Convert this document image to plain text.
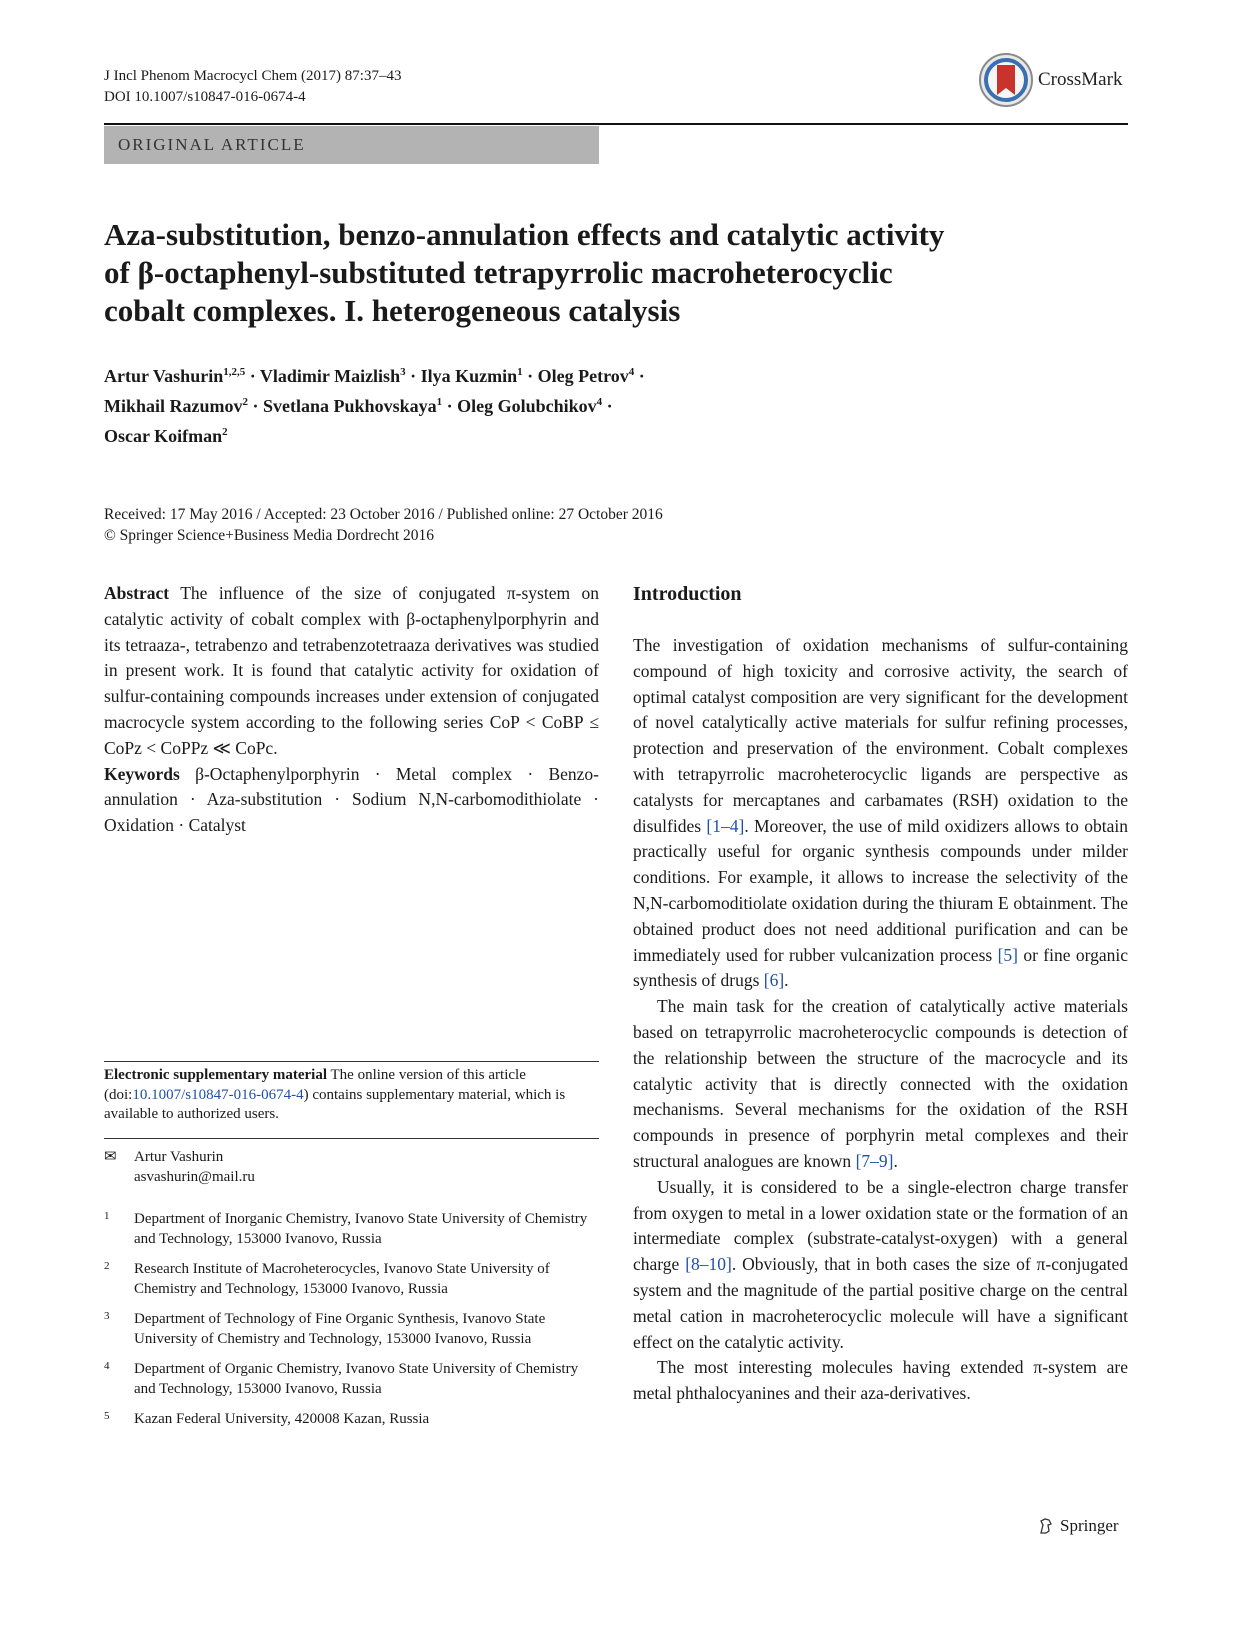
J Incl Phenom Macrocycl Chem (2017) 87:37–43
DOI 10.1007/s10847-016-0674-4
CrossMark
ORIGINAL ARTICLE
Aza-substitution, benzo-annulation effects and catalytic activity
of β-octaphenyl-substituted tetrapyrrolic macroheterocyclic
cobalt complexes. I. heterogeneous catalysis
Artur Vashurin$^{1,2,5}$ · Vladimir Maizlish$^3$ · Ilya Kuzmin$^1$ · Oleg Petrov$^4$ ·
Mikhail Razumov$^2$ · Svetlana Pukhovskaya$^1$ · Oleg Golubchikov$^4$ ·
Oscar Koifman$^2$
Received: 17 May 2016 / Accepted: 23 October 2016 / Published online: 27 October 2016
© Springer Science+Business Media Dordrecht 2016

Abstract The influence of the size of conjugated π-system on catalytic activity of cobalt complex with β-octaphenylporphyrin and its tetraaza-, tetrabenzo and tetrabenzotetraaza derivatives was studied in present work. It is found that catalytic activity for oxidation of sulfur-containing compounds increases under extension of conjugated macrocycle system according to the following series CoP < CoBP ≤ CoPz < CoPPz ≪ CoPc.

Keywords β-Octaphenylporphyrin · Metal complex · Benzo-annulation · Aza-substitution · Sodium N,N-carbomodithiolate · Oxidation · Catalyst

Electronic supplementary material The online version of this article (doi:10.1007/s10847-016-0674-4) contains supplementary material, which is available to authorized users.
✉ Artur Vashurin
asvashurin@mail.ru
1 Department of Inorganic Chemistry, Ivanovo State University of Chemistry and Technology, 153000 Ivanovo, Russia
2 Research Institute of Macroheterocycles, Ivanovo State University of Chemistry and Technology, 153000 Ivanovo, Russia
3 Department of Technology of Fine Organic Synthesis, Ivanovo State University of Chemistry and Technology, 153000 Ivanovo, Russia
4 Department of Organic Chemistry, Ivanovo State University of Chemistry and Technology, 153000 Ivanovo, Russia
5 Kazan Federal University, 420008 Kazan, Russia
Introduction

The investigation of oxidation mechanisms of sulfur-containing compound of high toxicity and corrosive activity, the search of optimal catalyst composition are very significant for the development of novel catalytically active materials for sulfur refining processes, protection and preservation of the environment. Cobalt complexes with tetrapyrrolic macroheterocyclic ligands are perspective as catalysts for mercaptanes and carbamates (RSH) oxidation to the disulfides [1–4]. Moreover, the use of mild oxidizers allows to obtain practically useful for organic synthesis compounds under milder conditions. For example, it allows to increase the selectivity of the N,N-carbomoditiolate oxidation during the thiuram E obtainment. The obtained product does not need additional purification and can be immediately used for rubber vulcanization process [5] or fine organic synthesis of drugs [6].

The main task for the creation of catalytically active materials based on tetrapyrrolic macroheterocyclic compounds is detection of the relationship between the structure of the macrocycle and its catalytic activity that is directly connected with the oxidation mechanisms. Several mechanisms for the oxidation of the RSH compounds in presence of porphyrin metal complexes and their structural analogues are known [7–9].

Usually, it is considered to be a single-electron charge transfer from oxygen to metal in a lower oxidation state or the formation of an intermediate complex (substrate-catalyst-oxygen) with a general charge [8–10]. Obviously, that in both cases the size of π-conjugated system and the magnitude of the partial positive charge on the central metal cation in macroheterocyclic molecule will have a significant effect on the catalytic activity.

The most interesting molecules having extended π-system are metal phthalocyanines and their aza-derivatives.

Springer
